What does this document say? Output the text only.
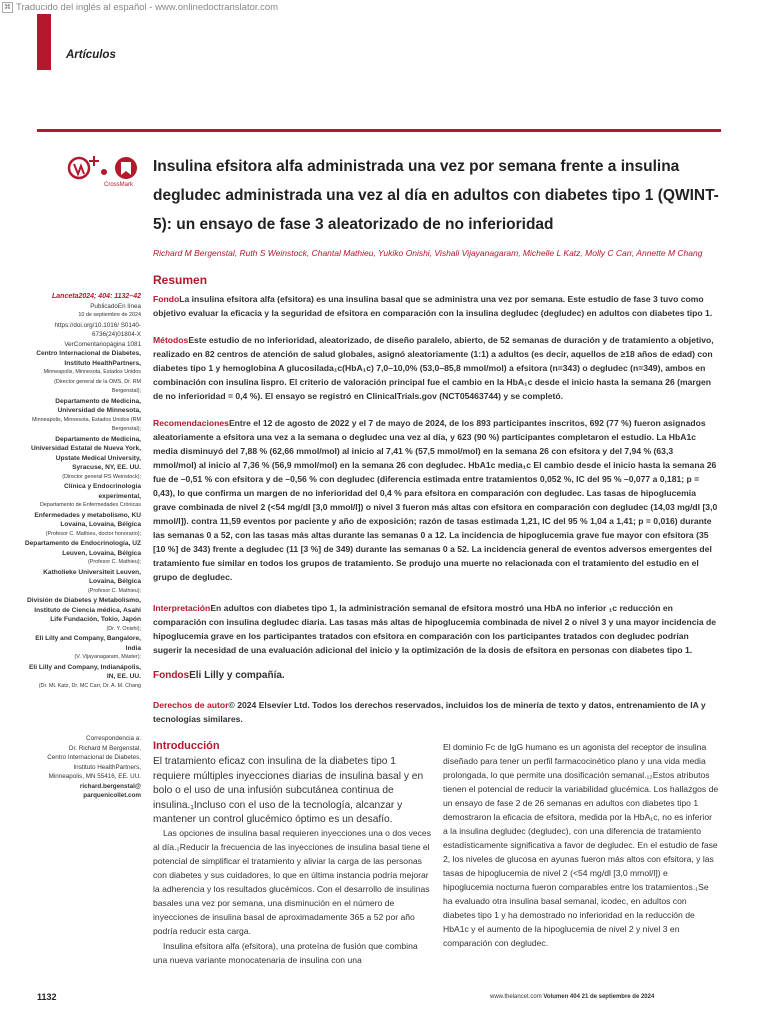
⌘ Traducido del inglés al español - www.onlinedoctranslator.com
Artículos
CrossMark
Insulina efsitora alfa administrada una vez por semana frente a insulina degludec administrada una vez al día en adultos con diabetes tipo 1 (QWINT-5): un ensayo de fase 3 aleatorizado de no inferioridad
Richard M Bergenstal, Ruth S Weinstock, Chantal Mathieu, Yukiko Onishi, Vishali Vijayanagaram, Michelle L Katz, Molly C Carr, Annette M Chang
Resumen
FondoLa insulina efsitora alfa (efsitora) es una insulina basal que se administra una vez por semana. Este estudio de fase 3 tuvo como objetivo evaluar la eficacia y la seguridad de efsitora en comparación con la insulina degludec (degludec) en adultos con diabetes tipo 1.
MétodosEste estudio de no inferioridad, aleatorizado, de diseño paralelo, abierto, de 52 semanas de duración y de tratamiento a objetivo, realizado en 82 centros de atención de salud globales, asignó aleatoriamente (1:1) a adultos (es decir, aquellos de ≥18 años de edad) con diabetes tipo 1 y hemoglobina A glucosilada₁c(HbA₁c) 7,0–10,0% (53,0–85,8 mmol/mol) a efsitora (n=343) o degludec (n=349), ambos en combinación con insulina lispro. El criterio de valoración principal fue el cambio en la HbA₁c desde el inicio hasta la semana 26 (margen de no inferioridad = 0,4 %). El ensayo se registró en ClinicalTrials.gov (NCT05463744) y se completó.
RecomendacionesEntre el 12 de agosto de 2022 y el 7 de mayo de 2024, de los 893 participantes inscritos, 692 (77 %) fueron asignados aleatoriamente a efsitora una vez a la semana o degludec una vez al día, y 623 (90 %) participantes completaron el estudio. La HbA1c media disminuyó del 7,88 % (62,66 mmol/mol) al inicio al 7,41 % (57,5 mmol/mol) en la semana 26 con efsitora y del 7,94 % (63,3 mmol/mol) al inicio al 7,36 % (56,9 mmol/mol) en la semana 26 con degludec. HbA1c media₁c El cambio desde el inicio hasta la semana 26 fue de –0,51 % con efsitora y de –0,56 % con degludec (diferencia estimada entre tratamientos 0,052 %, IC del 95 % –0,077 a 0,181; p = 0,43), lo que confirma un margen de no inferioridad del 0,4 % para efsitora en comparación con degludec. Las tasas de hipoglucemia grave combinada de nivel 2 (<54 mg/dl [3,0 mmol/l]) o nivel 3 fueron más altas con efsitora en comparación con degludec (14,03 mg/dl [3,0 mmol/l]). contra 11,59 eventos por paciente y año de exposición; razón de tasas estimada 1,21, IC del 95 % 1,04 a 1,41; p = 0,016) durante las semanas 0 a 52, con las tasas más altas durante las semanas 0 a 12. La incidencia de hipoglucemia grave fue mayor con efsitora (35 [10 %] de 343) frente a degludec (11 [3 %] de 349) durante las semanas 0 a 52. La incidencia general de eventos adversos emergentes del tratamiento fue similar en todos los grupos de tratamiento. Se produjo una muerte no relacionada con el tratamiento del estudio en el grupo de degludec.
InterpretaciónEn adultos con diabetes tipo 1, la administración semanal de efsitora mostró una HbA no inferior ₁c reducción en comparación con insulina degludec diaria. Las tasas más altas de hipoglucemia combinada de nivel 2 o nivel 3 y una mayor incidencia de hipoglucemia grave en los participantes tratados con efsitora en comparación con los participantes tratados con degludec podrían sugerir la necesidad de una evaluación adicional del inicio y la optimización de la dosis de efsitora en personas con diabetes tipo 1.
FondosEli Lilly y compañía.
Derechos de autor© 2024 Elsevier Ltd. Todos los derechos reservados, incluidos los de minería de texto y datos, entrenamiento de IA y tecnologías similares.

Lanceta2024; 404: 1132–42

PublicadoEn línea

10 de septiembre de 2024

https://doi.org/10.1016/ S0140-6736(24)01804-X

VerComentariopágina 1081

Centro Internacional de Diabetes, Instituto HealthPartners,

Minneapolis, Minnesota, Estados Unidos (Director general de la OMS, Dr. RM Bergenstal);

Departamento de Medicina, Universidad de Minnesota,

Minneapolis, Minnesota, Estados Unidos (RM Bergenstal);

Departamento de Medicina, Universidad Estatal de Nueva York, Upstate Medical University, Syracuse, NY, EE. UU.

(Director general RS Weinstock);

Clínica y Endocrinología experimental,

Departamento de Enfermedades Crónicas

Enfermedades y metabolismo, KU Lovaina, Lovaina, Bélgica

(Profesor C. Mathieu, doctor honorario);

Departamento de Endocrinología, UZ Leuven, Lovaina, Bélgica

(Profesor C. Mathieu);

Katholieke Universiteit Leuven, Lovaina, Bélgica

(Profesor C. Mathieu);

División de Diabetes y Metabolismo, Instituto de Ciencia médica, Asahi Life Fundación, Tokio, Japón

(Dr. Y. Onishi);

Eli Lilly and Company, Bangalore, India

(V. Vijayanagaram, Máster);

Eli Lilly and Company, Indianápolis, IN, EE. UU.

(Dr. ML Katz, Dr. MC Carr, Dr. A. M. Chang

Correspondencia a:

Dr. Richard M Bergenstal,

Centro Internacional de Diabetes,

Instituto HealthPartners,

Minneapolis, MN 55416, EE. UU.

richard.bergenstal@

parquenicollet.com

Introducción
El tratamiento eficaz con insulina de la diabetes tipo 1 requiere múltiples inyecciones diarias de insulina basal y en bolo o el uso de una infusión subcutánea continua de insulina.₁Incluso con el uso de la tecnología, alcanzar y mantener un control glucémico óptimo es un desafío.
Las opciones de insulina basal requieren inyecciones una o dos veces al día.₂Reducir la frecuencia de las inyecciones de insulina basal tiene el potencial de simplificar el tratamiento y aliviar la carga de las personas con diabetes y sus cuidadores, lo que en última instancia podría mejorar la adherencia y los resultados glucémicos. Con el desarrollo de insulinas basales una vez por semana, una disminución en el número de inyecciones de insulina basal de aproximadamente 365 a 52 por año podría reducir esta carga.
Insulina efsitora alfa (efsitora), una proteína de fusión que combina una nueva variante monocatenaria de insulina con una
El dominio Fc de IgG humano es un agonista del receptor de insulina diseñado para tener un perfil farmacocinético plano y una vida media prolongada, lo que permite una dosificación semanal.₁₂Estos atributos tienen el potencial de reducir la variabilidad glucémica. Los hallazgos de un ensayo de fase 2 de 26 semanas en adultos con diabetes tipo 1 demostraron la eficacia de efsitora, medida por la HbA₁c, no es inferior a la insulina degludec (degludec), con una diferencia de tratamiento estadísticamente significativa a favor de degludec. En el estudio de fase 2, los niveles de glucosa en ayunas fueron más altos con efsitora, y las tasas de hipoglucemia de nivel 2 (<54 mg/dl [3,0 mmol/l]) e hipoglucemia nocturna fueron comparables entre los tratamientos.₁Se ha evaluado otra insulina basal semanal, icodec, en adultos con diabetes tipo 1 y ha demostrado no inferioridad en la reducción de HbA1c y el aumento de la hipoglucemia de nivel 2 y nivel 3 en comparación con degludec.
1132	www.thelancet.com Volumen 404 21 de septiembre de 2024
